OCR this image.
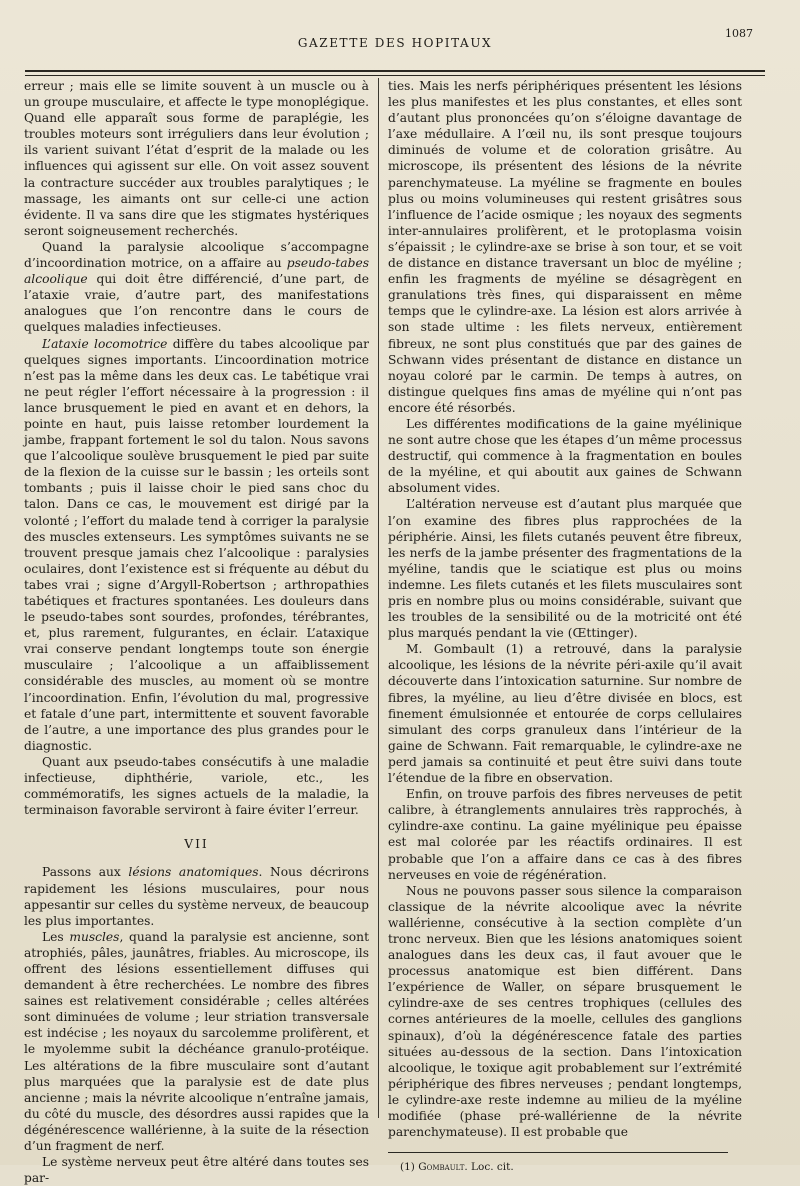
GAZETTE DES HOPITAUX
1087

erreur ; mais elle se limite souvent à un muscle ou à un groupe musculaire, et affecte le type monoplégique. Quand elle apparaît sous forme de paraplégie, les troubles moteurs sont irréguliers dans leur évolution ; ils varient suivant l’état d’esprit de la malade ou les influences qui agissent sur elle. On voit assez souvent la contracture succéder aux troubles paralytiques ; le massage, les aimants ont sur celle-ci une action évidente. Il va sans dire que les stigmates hystériques seront soigneusement recherchés.

Quand la paralysie alcoolique s’accompagne d’incoordination motrice, on a affaire au pseudo-tabes alcoolique qui doit être différencié, d’une part, de l’ataxie vraie, d’autre part, des manifestations analogues que l’on rencontre dans le cours de quelques maladies infectieuses.

L’ataxie locomotrice diffère du tabes alcoolique par quelques signes importants. L’incoordination motrice n’est pas la même dans les deux cas. Le tabétique vrai ne peut régler l’effort nécessaire à la progression : il lance brusquement le pied en avant et en dehors, la pointe en haut, puis laisse retomber lourdement la jambe, frappant fortement le sol du talon. Nous savons que l’alcoolique soulève brusquement le pied par suite de la flexion de la cuisse sur le bassin ; les orteils sont tombants ; puis il laisse choir le pied sans choc du talon. Dans ce cas, le mouvement est dirigé par la volonté ; l’effort du malade tend à corriger la paralysie des muscles extenseurs. Les symptômes suivants ne se trouvent presque jamais chez l’alcoolique : paralysies oculaires, dont l’existence est si fréquente au début du tabes vrai ; signe d’Argyll-Robertson ; arthropathies tabétiques et fractures spontanées. Les douleurs dans le pseudo-tabes sont sourdes, profondes, térébrantes, et, plus rarement, fulgurantes, en éclair. L’ataxique vrai conserve pendant longtemps toute son énergie musculaire ; l’alcoolique a un affaiblissement considérable des muscles, au moment où se montre l’incoordination. Enfin, l’évolution du mal, progressive et fatale d’une part, intermittente et souvent favorable de l’autre, a une importance des plus grandes pour le diagnostic.

Quant aux pseudo-tabes consécutifs à une maladie infectieuse, diphthérie, variole, etc., les commémoratifs, les signes actuels de la maladie, la terminaison favorable serviront à faire éviter l’erreur.

VII

Passons aux lésions anatomiques. Nous décrirons rapidement les lésions musculaires, pour nous appesantir sur celles du système nerveux, de beaucoup les plus importantes.

Les muscles, quand la paralysie est ancienne, sont atrophiés, pâles, jaunâtres, friables. Au microscope, ils offrent des lésions essentiellement diffuses qui demandent à être recherchées. Le nombre des fibres saines est relativement considérable ; celles altérées sont diminuées de volume ; leur striation transversale est indécise ; les noyaux du sarcolemme prolifèrent, et le myolemme subit la déchéance granulo-protéique. Les altérations de la fibre musculaire sont d’autant plus marquées que la paralysie est de date plus ancienne ; mais la névrite alcoolique n’entraîne jamais, du côté du muscle, des désordres aussi rapides que la dégénérescence wallérienne, à la suite de la résection d’un fragment de nerf.

Le système nerveux peut être altéré dans toutes ses par-

ties. Mais les nerfs périphériques présentent les lésions les plus manifestes et les plus constantes, et elles sont d’autant plus prononcées qu’on s’éloigne davantage de l’axe médullaire. A l’œil nu, ils sont presque toujours diminués de volume et de coloration grisâtre. Au microscope, ils présentent des lésions de la névrite parenchymateuse. La myéline se fragmente en boules plus ou moins volumineuses qui restent grisâtres sous l’influence de l’acide osmique ; les noyaux des segments inter-annulaires prolifèrent, et le protoplasma voisin s’épaissit ; le cylindre-axe se brise à son tour, et se voit de distance en distance traversant un bloc de myéline ; enfin les fragments de myéline se désagrègent en granulations très fines, qui disparaissent en même temps que le cylindre-axe. La lésion est alors arrivée à son stade ultime : les filets nerveux, entièrement fibreux, ne sont plus constitués que par des gaines de Schwann vides présentant de distance en distance un noyau coloré par le carmin. De temps à autres, on distingue quelques fins amas de myéline qui n’ont pas encore été résorbés.

Les différentes modifications de la gaine myélinique ne sont autre chose que les étapes d’un même processus destructif, qui commence à la fragmentation en boules de la myéline, et qui aboutit aux gaines de Schwann absolument vides.

L’altération nerveuse est d’autant plus marquée que l’on examine des fibres plus rapprochées de la périphérie. Ainsi, les filets cutanés peuvent être fibreux, les nerfs de la jambe présenter des fragmentations de la myéline, tandis que le sciatique est plus ou moins indemne. Les filets cutanés et les filets musculaires sont pris en nombre plus ou moins considérable, suivant que les troubles de la sensibilité ou de la motricité ont été plus marqués pendant la vie (Œttinger).

M. Gombault (1) a retrouvé, dans la paralysie alcoolique, les lésions de la névrite péri-axile qu’il avait découverte dans l’intoxication saturnine. Sur nombre de fibres, la myéline, au lieu d’être divisée en blocs, est finement émulsionnée et entourée de corps cellulaires simulant des corps granuleux dans l’intérieur de la gaine de Schwann. Fait remarquable, le cylindre-axe ne perd jamais sa continuité et peut être suivi dans toute l’étendue de la fibre en observation.

Enfin, on trouve parfois des fibres nerveuses de petit calibre, à étranglements annulaires très rapprochés, à cylindre-axe continu. La gaine myélinique peu épaisse est mal colorée par les réactifs ordinaires. Il est probable que l’on a affaire dans ce cas à des fibres nerveuses en voie de régénération.

Nous ne pouvons passer sous silence la comparaison classique de la névrite alcoolique avec la névrite wallérienne, consécutive à la section complète d’un tronc nerveux. Bien que les lésions anatomiques soient analogues dans les deux cas, il faut avouer que le processus anatomique est bien différent. Dans l’expérience de Waller, on sépare brusquement le cylindre-axe de ses centres trophiques (cellules des cornes antérieures de la moelle, cellules des ganglions spinaux), d’où la dégénérescence fatale des parties situées au-dessous de la section. Dans l’intoxication alcoolique, le toxique agit probablement sur l’extrémité périphérique des fibres nerveuses ; pendant longtemps, le cylindre-axe reste indemne au milieu de la myéline modifiée (phase pré-wallérienne de la névrite parenchymateuse). Il est probable que

(1) Gombault. Loc. cit.
